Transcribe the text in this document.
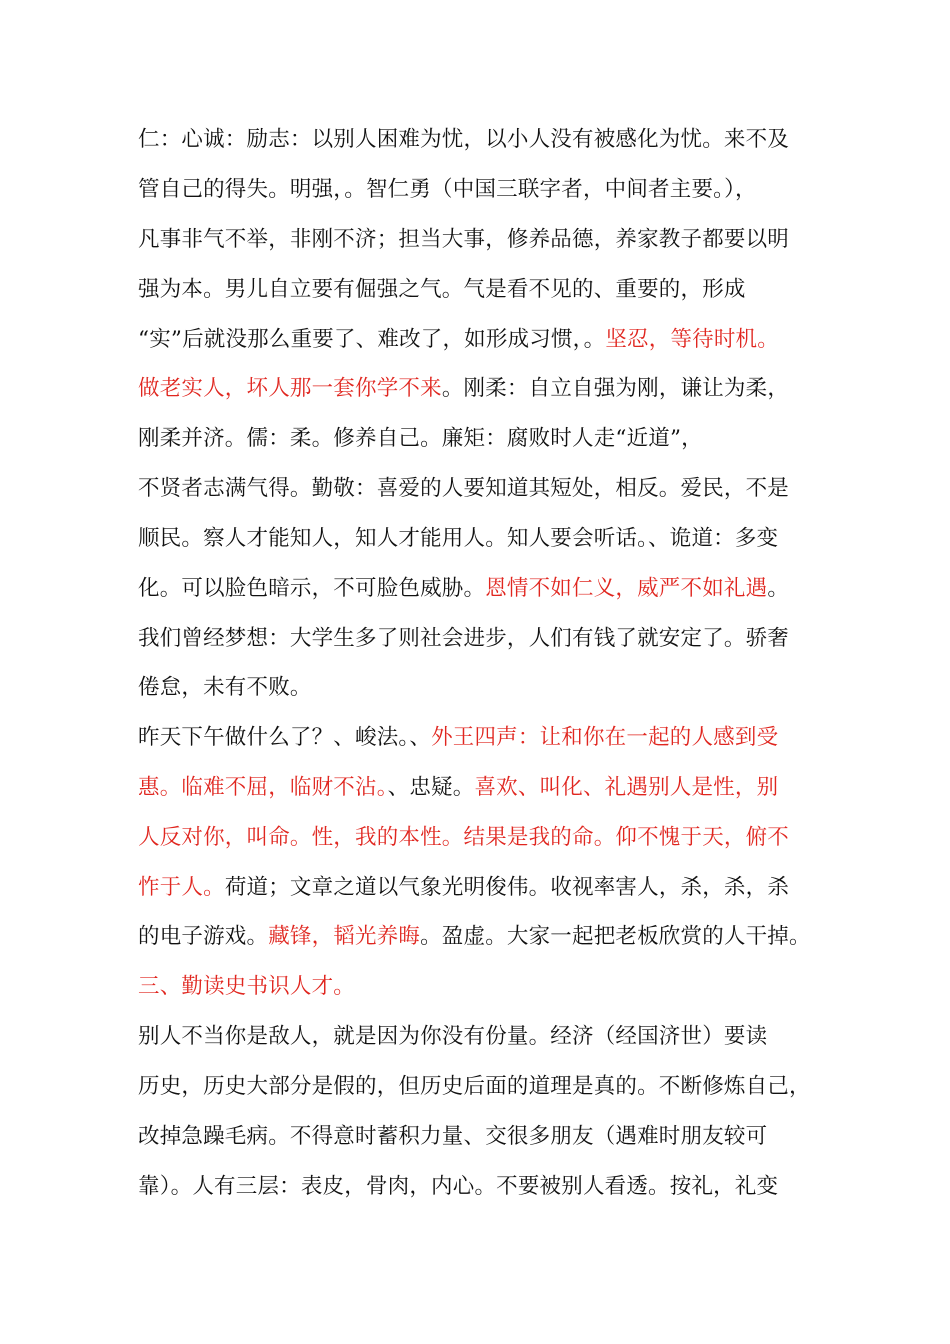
仁：心诚：励志：以别人困难为忧，以小人没有被感化为忧。来不及
管自己的得失。明强，。智仁勇（中国三联字者，中间者主要。），
凡事非气不举，非刚不济；担当大事，修养品德，养家教子都要以明
强为本。男儿自立要有倔强之气。气是看不见的、重要的，形成
“实”后就没那么重要了、难改了，如形成习惯，。坚忍，等待时机。
做老实人，坏人那一套你学不来。刚柔：自立自强为刚，谦让为柔，
刚柔并济。儒：柔。修养自己。廉矩：腐败时人走“近道”，
不贤者志满气得。勤敬：喜爱的人要知道其短处，相反。爱民，不是
顺民。察人才能知人，知人才能用人。知人要会听话。、诡道：多变
化。可以脸色暗示，不可脸色威胁。恩情不如仁义，威严不如礼遇。
我们曾经梦想：大学生多了则社会进步，人们有钱了就安定了。骄奢
倦怠，未有不败。
昨天下午做什么了？、峻法。、外王四声：让和你在一起的人感到受
惠。临难不屈，临财不沾。、忠疑。喜欢、叫化、礼遇别人是性，别
人反对你，叫命。性，我的本性。结果是我的命。仰不愧于天，俯不
怍于人。荷道；文章之道以气象光明俊伟。收视率害人，杀，杀，杀
的电子游戏。藏锋，韬光养晦。盈虚。大家一起把老板欣赏的人干掉。
三、勤读史书识人才。
别人不当你是敌人，就是因为你没有份量。经济（经国济世）要读
历史，历史大部分是假的，但历史后面的道理是真的。不断修炼自己，
改掉急躁毛病。不得意时蓄积力量、交很多朋友（遇难时朋友较可
靠）。人有三层：表皮，骨肉，内心。不要被别人看透。按礼，礼变
